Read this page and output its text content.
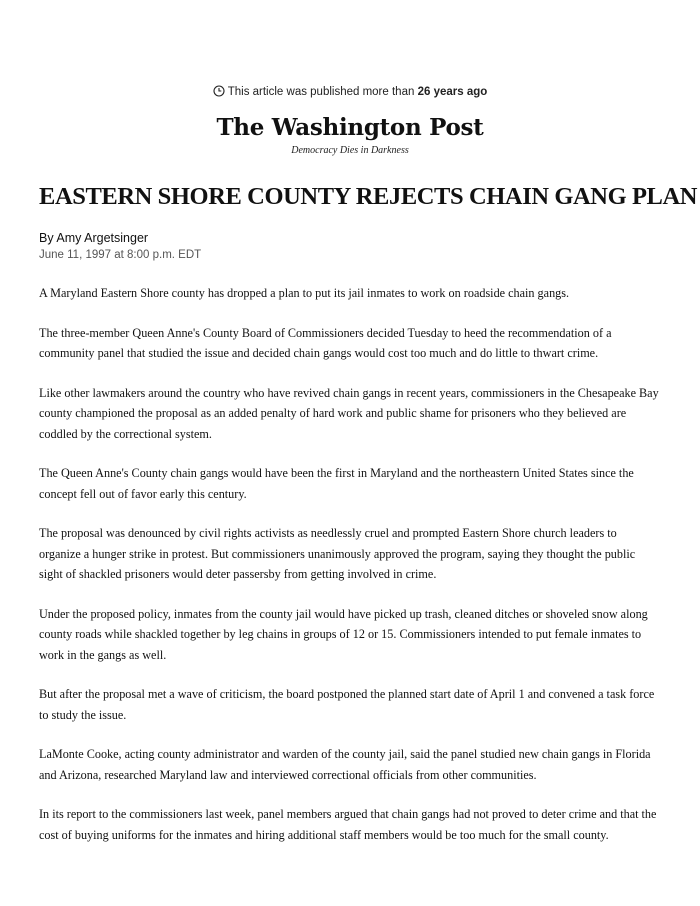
This article was published more than 26 years ago
The Washington Post
Democracy Dies in Darkness
EASTERN SHORE COUNTY REJECTS CHAIN GANG PLAN
By Amy Argetsinger
June 11, 1997 at 8:00 p.m. EDT

A Maryland Eastern Shore county has dropped a plan to put its jail inmates to work on roadside chain gangs.

The three-member Queen Anne's County Board of Commissioners decided Tuesday to heed the recommendation of a community panel that studied the issue and decided chain gangs would cost too much and do little to thwart crime.

Like other lawmakers around the country who have revived chain gangs in recent years, commissioners in the Chesapeake Bay county championed the proposal as an added penalty of hard work and public shame for prisoners who they believed are coddled by the correctional system.

The Queen Anne's County chain gangs would have been the first in Maryland and the northeastern United States since the concept fell out of favor early this century.

The proposal was denounced by civil rights activists as needlessly cruel and prompted Eastern Shore church leaders to organize a hunger strike in protest. But commissioners unanimously approved the program, saying they thought the public sight of shackled prisoners would deter passersby from getting involved in crime.

Under the proposed policy, inmates from the county jail would have picked up trash, cleaned ditches or shoveled snow along county roads while shackled together by leg chains in groups of 12 or 15. Commissioners intended to put female inmates to work in the gangs as well.

But after the proposal met a wave of criticism, the board postponed the planned start date of April 1 and convened a task force to study the issue.

LaMonte Cooke, acting county administrator and warden of the county jail, said the panel studied new chain gangs in Florida and Arizona, researched Maryland law and interviewed correctional officials from other communities.

In its report to the commissioners last week, panel members argued that chain gangs had not proved to deter crime and that the cost of buying uniforms for the inmates and hiring additional staff members would be too much for the small county.
